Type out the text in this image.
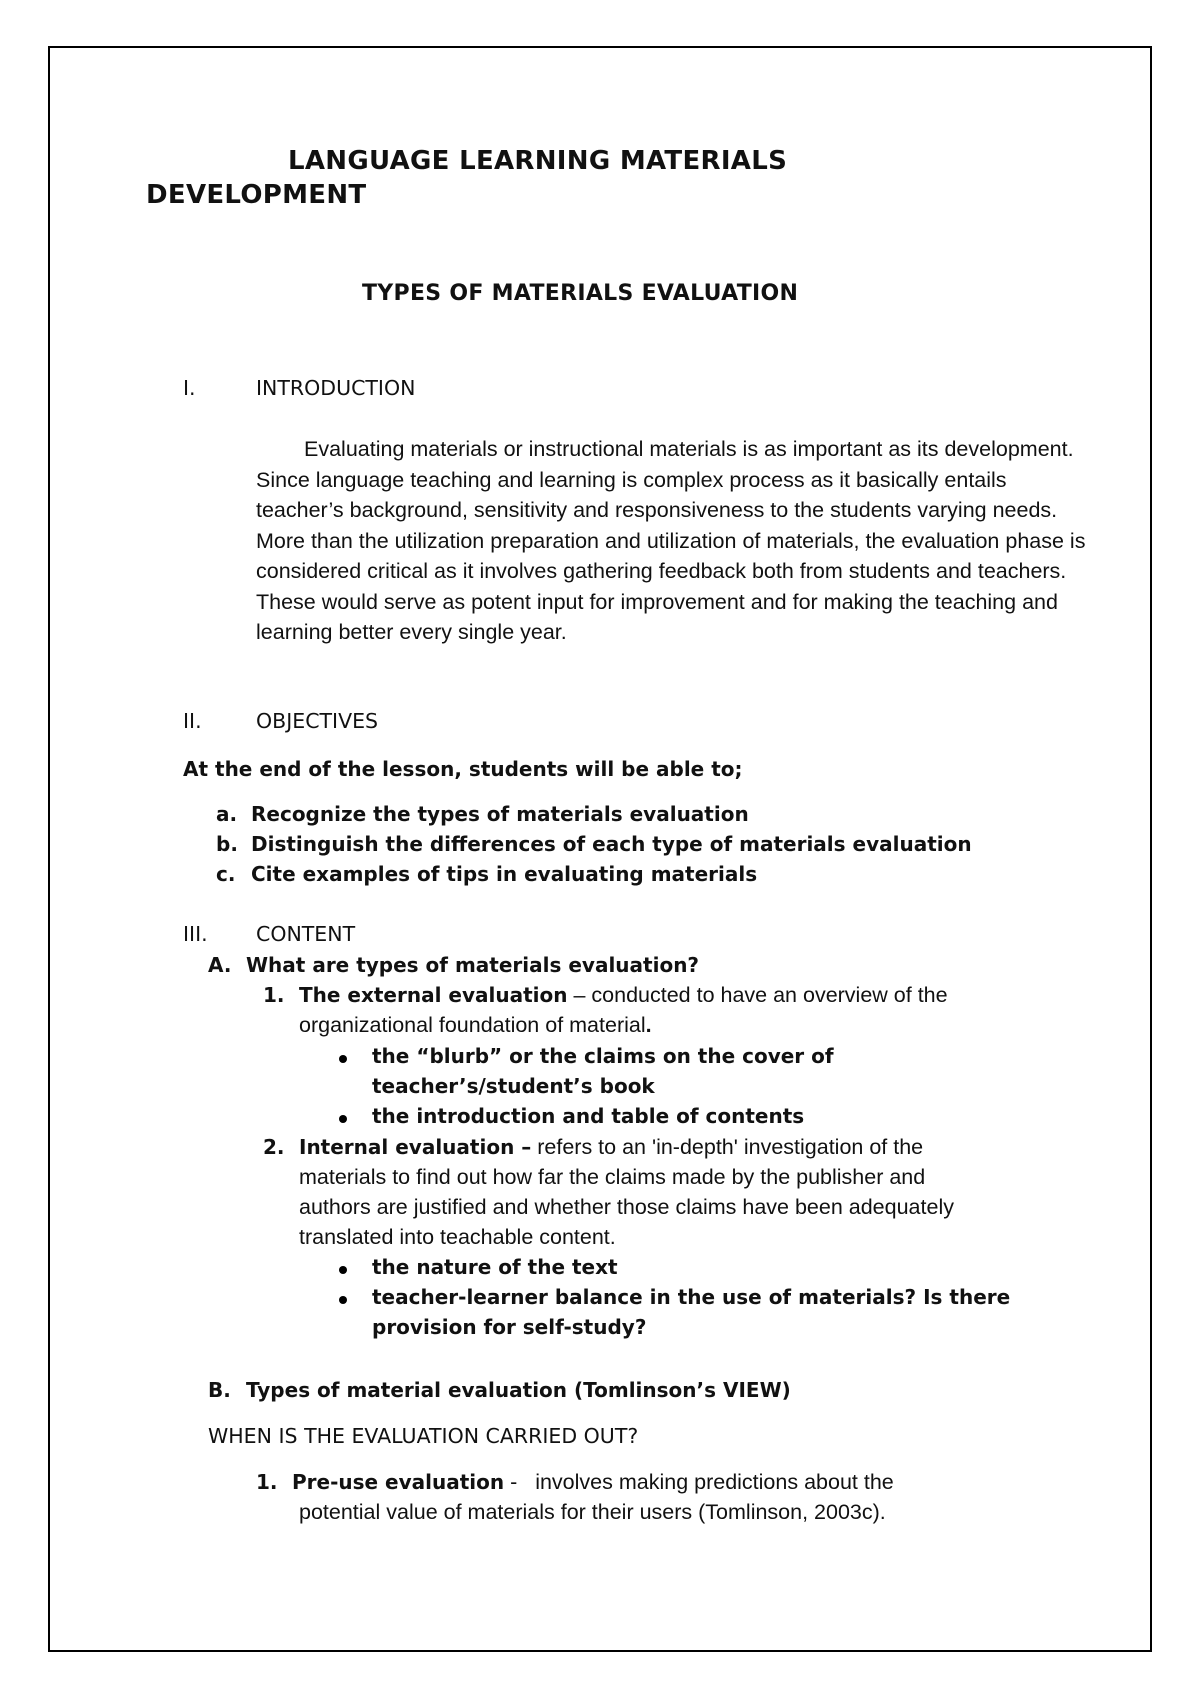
LANGUAGE LEARNING MATERIALS
DEVELOPMENT
TYPES OF MATERIALS EVALUATION
I.	INTRODUCTION

Evaluating materials or instructional materials is as important as its development. Since language teaching and learning is complex process as it basically entails teacher’s background, sensitivity and responsiveness to the students varying needs. More than the utilization preparation and utilization of materials, the evaluation phase is considered critical as it involves gathering feedback both from students and teachers. These would serve as potent input for improvement and for making the teaching and learning better every single year.

II.	OBJECTIVES
At the end of the lesson, students will be able to;
a. Recognize the types of materials evaluation
b. Distinguish the differences of each type of materials evaluation
c. Cite examples of tips in evaluating materials
III. CONTENT
A. What are types of materials evaluation?
1. The external evaluation – conducted to have an overview of the
organizational foundation of material.
the “blurb” or the claims on the cover of
teacher’s/student’s book
the introduction and table of contents
2. Internal evaluation – refers to an 'in-depth' investigation of the
materials to find out how far the claims made by the publisher and
authors are justified and whether those claims have been adequately
translated into teachable content.
the nature of the text
teacher-learner balance in the use of materials? Is there
provision for self-study?
B. Types of material evaluation (Tomlinson’s VIEW)
WHEN IS THE EVALUATION CARRIED OUT?
1. Pre-use evaluation -   involves making predictions about the
potential value of materials for their users (Tomlinson, 2003c).
